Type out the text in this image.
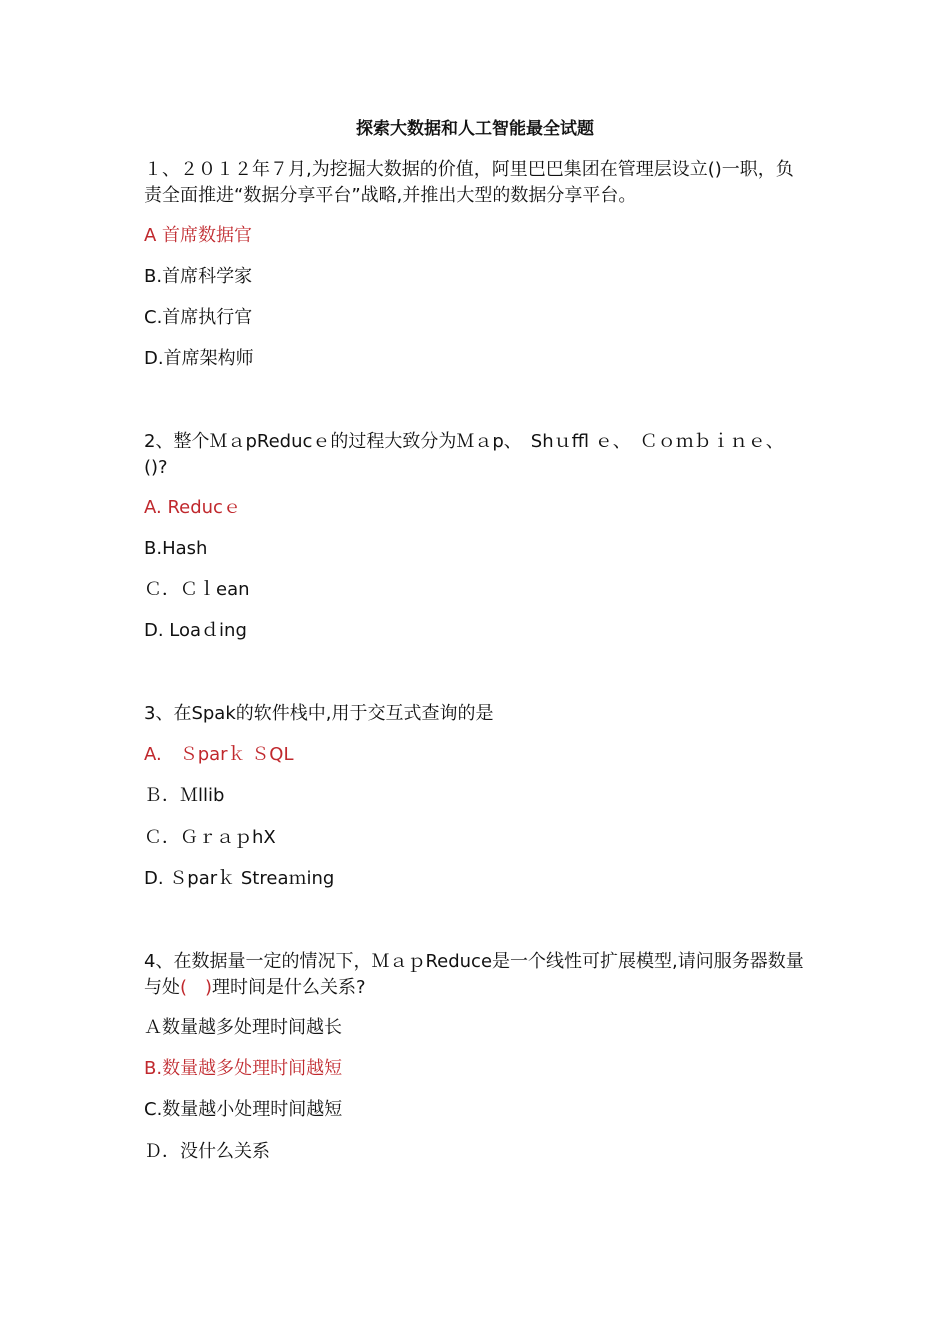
探索大数据和人工智能最全试题
１、２０１２年７月,为挖掘大数据的价值，阿里巴巴集团在管理层设立()一职，负责全面推进“数据分享平台”战略,并推出大型的数据分享平台。
A 首席数据官
B.首席科学家
C.首席执行官
D.首席架构师
2、整个ＭａpReducｅ的过程大致分为Ｍａp、　Shｕffl ｅ、　Ｃｏｍｂｉｎｅ、()?
A. Reducｅ
B.Hash
Ｃ．Ｃｌean
D. Loaｄing
3、在Spak的软件栈中,用于交互式查询的是
A.　Ｓparｋ ＳQL
Ｂ．Ｍllib
Ｃ．ＧｒａｐhX
D. Ｓparｋ Streaｍing
4、在数据量一定的情况下，ＭａｐReduce是一个线性可扩展模型,请问服务器数量与处(　)理时间是什么关系?
Ａ数量越多处理时间越长
B.数量越多处理时间越短
C.数量越小处理时间越短
Ｄ．没什么关系
